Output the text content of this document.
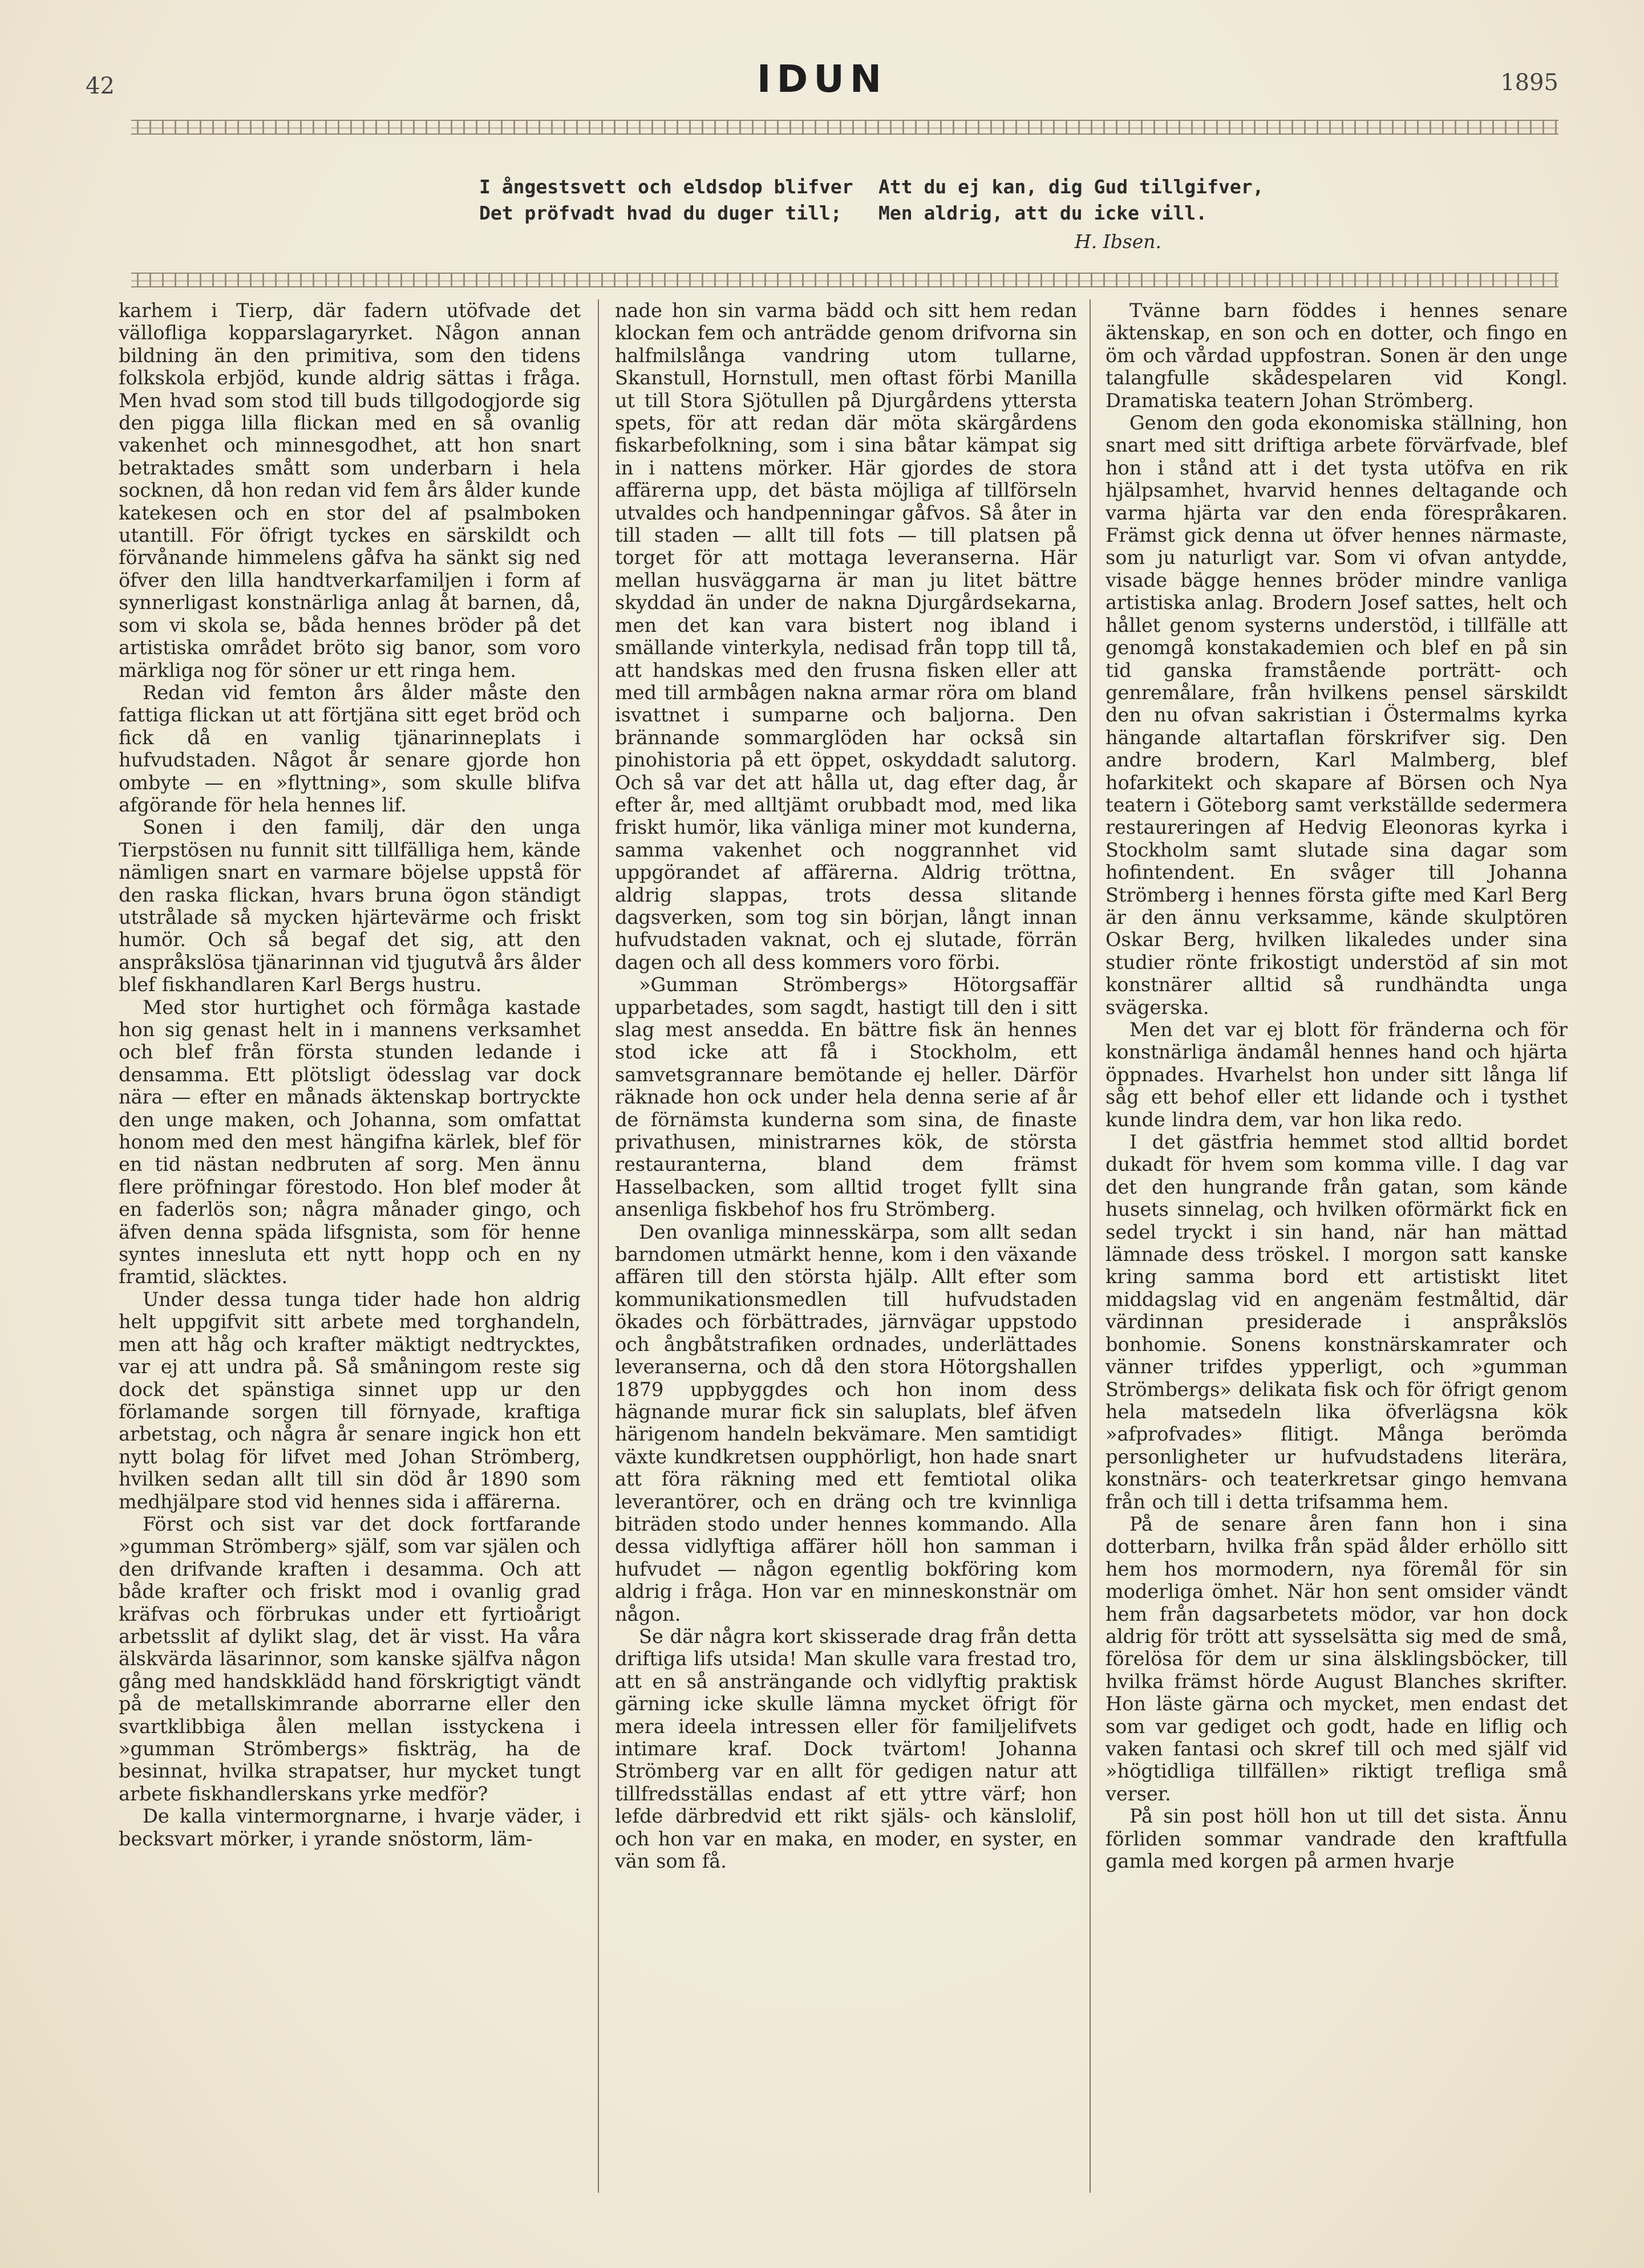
42	IDUN	1895
I ångestsvett och eldsdop blifver
Det pröfvadt hvad du duger till;
Att du ej kan, dig Gud tillgifver,
Men aldrig, att du icke vill.
H. Ibsen.

karhem i Tierp, där fadern utöfvade det vällofliga kopparslagaryrket. Någon annan bildning än den primitiva, som den tidens folkskola erbjöd, kunde aldrig sättas i fråga. Men hvad som stod till buds tillgodogjorde sig den pigga lilla flickan med en så ovanlig vakenhet och minnesgodhet, att hon snart betraktades smått som underbarn i hela socknen, då hon redan vid fem års ålder kunde katekesen och en stor del af psalmboken utantill. För öfrigt tyckes en särskildt och förvånande himmelens gåfva ha sänkt sig ned öfver den lilla handtverkarfamiljen i form af synnerligast konstnärliga anlag åt barnen, då, som vi skola se, båda hennes bröder på det artistiska området bröto sig banor, som voro märkliga nog för söner ur ett ringa hem.

Redan vid femton års ålder måste den fattiga flickan ut att förtjäna sitt eget bröd och fick då en vanlig tjänarinneplats i hufvudstaden. Något år senare gjorde hon ombyte — en »flyttning», som skulle blifva afgörande för hela hennes lif.

Sonen i den familj, där den unga Tierpstösen nu funnit sitt tillfälliga hem, kände nämligen snart en varmare böjelse uppstå för den raska flickan, hvars bruna ögon ständigt utstrålade så mycken hjärtevärme och friskt humör. Och så begaf det sig, att den anspråkslösa tjänarinnan vid tjugutvå års ålder blef fiskhandlaren Karl Bergs hustru.

Med stor hurtighet och förmåga kastade hon sig genast helt in i mannens verksamhet och blef från första stunden ledande i densamma. Ett plötsligt ödesslag var dock nära — efter en månads äktenskap bortryckte den unge maken, och Johanna, som omfattat honom med den mest hängifna kärlek, blef för en tid nästan nedbruten af sorg. Men ännu flere pröfningar förestodo. Hon blef moder åt en faderlös son; några månader gingo, och äfven denna späda lifsgnista, som för henne syntes innesluta ett nytt hopp och en ny framtid, släcktes.

Under dessa tunga tider hade hon aldrig helt uppgifvit sitt arbete med torghandeln, men att håg och krafter mäktigt nedtrycktes, var ej att undra på. Så småningom reste sig dock det spänstiga sinnet upp ur den förlamande sorgen till förnyade, kraftiga arbetstag, och några år senare ingick hon ett nytt bolag för lifvet med Johan Strömberg, hvilken sedan allt till sin död år 1890 som medhjälpare stod vid hennes sida i affärerna.

Först och sist var det dock fortfarande »gumman Strömberg» själf, som var själen och den drifvande kraften i desamma. Och att både krafter och friskt mod i ovanlig grad kräfvas och förbrukas under ett fyrtioårigt arbetsslit af dylikt slag, det är visst. Ha våra älskvärda läsarinnor, som kanske själfva någon gång med handskklädd hand förskrigtigt vändt på de metallskimrande aborrarne eller den svartklibbiga ålen mellan isstyckena i »gumman Strömbergs» fiskträg, ha de besinnat, hvilka strapatser, hur mycket tungt arbete fiskhandlerskans yrke medför?

De kalla vintermorgnarne, i hvarje väder, i becksvart mörker, i yrande snöstorm, läm-

nade hon sin varma bädd och sitt hem redan klockan fem och anträdde genom drifvorna sin halfmilslånga vandring utom tullarne, Skanstull, Hornstull, men oftast förbi Manilla ut till Stora Sjötullen på Djurgårdens yttersta spets, för att redan där möta skärgårdens fiskarbefolkning, som i sina båtar kämpat sig in i nattens mörker. Här gjordes de stora affärerna upp, det bästa möjliga af tillförseln utvaldes och handpenningar gåfvos. Så åter in till staden — allt till fots — till platsen på torget för att mottaga leveranserna. Här mellan husväggarna är man ju litet bättre skyddad än under de nakna Djurgårdsekarna, men det kan vara bistert nog ibland i smällande vinterkyla, nedisad från topp till tå, att handskas med den frusna fisken eller att med till armbågen nakna armar röra om bland isvattnet i sumparne och baljorna. Den brännande sommarglöden har också sin pinohistoria på ett öppet, oskyddadt salutorg. Och så var det att hålla ut, dag efter dag, år efter år, med alltjämt orubbadt mod, med lika friskt humör, lika vänliga miner mot kunderna, samma vakenhet och noggrannhet vid uppgörandet af affärerna. Aldrig tröttna, aldrig slappas, trots dessa slitande dagsverken, som tog sin början, långt innan hufvudstaden vaknat, och ej slutade, förrän dagen och all dess kommers voro förbi.

»Gumman Strömbergs» Hötorgsaffär upparbetades, som sagdt, hastigt till den i sitt slag mest ansedda. En bättre fisk än hennes stod icke att få i Stockholm, ett samvetsgrannare bemötande ej heller. Därför räknade hon ock under hela denna serie af år de förnämsta kunderna som sina, de finaste privathusen, ministrarnes kök, de största restauranterna, bland dem främst Hasselbacken, som alltid troget fyllt sina ansenliga fiskbehof hos fru Strömberg.

Den ovanliga minnesskärpa, som allt sedan barndomen utmärkt henne, kom i den växande affären till den största hjälp. Allt efter som kommunikationsmedlen till hufvudstaden ökades och förbättrades, järnvägar uppstodo och ångbåtstrafiken ordnades, underlättades leveranserna, och då den stora Hötorgshallen 1879 uppbyggdes och hon inom dess hägnande murar fick sin saluplats, blef äfven härigenom handeln bekvämare. Men samtidigt växte kundkretsen oupphörligt, hon hade snart att föra räkning med ett femtiotal olika leverantörer, och en dräng och tre kvinnliga biträden stodo under hennes kommando. Alla dessa vidlyftiga affärer höll hon samman i hufvudet — någon egentlig bokföring kom aldrig i fråga. Hon var en minneskonstnär om någon.

Se där några kort skisserade drag från detta driftiga lifs utsida! Man skulle vara frestad tro, att en så ansträngande och vidlyftig praktisk gärning icke skulle lämna mycket öfrigt för mera ideela intressen eller för familjelifvets intimare kraf. Dock tvärtom! Johanna Strömberg var en allt för gedigen natur att tillfredsställas endast af ett yttre värf; hon lefde därbredvid ett rikt själs- och känslolif, och hon var en maka, en moder, en syster, en vän som få.

Tvänne barn föddes i hennes senare äktenskap, en son och en dotter, och fingo en öm och vårdad uppfostran. Sonen är den unge talangfulle skådespelaren vid Kongl. Dramatiska teatern Johan Strömberg.

Genom den goda ekonomiska ställning, hon snart med sitt driftiga arbete förvärfvade, blef hon i stånd att i det tysta utöfva en rik hjälpsamhet, hvarvid hennes deltagande och varma hjärta var den enda förespråkaren. Främst gick denna ut öfver hennes närmaste, som ju naturligt var. Som vi ofvan antydde, visade bägge hennes bröder mindre vanliga artistiska anlag. Brodern Josef sattes, helt och hållet genom systerns understöd, i tillfälle att genomgå konstakademien och blef en på sin tid ganska framstående porträtt- och genremålare, från hvilkens pensel särskildt den nu ofvan sakristian i Östermalms kyrka hängande altartaflan förskrifver sig. Den andre brodern, Karl Malmberg, blef hofarkitekt och skapare af Börsen och Nya teatern i Göteborg samt verkställde sedermera restaureringen af Hedvig Eleonoras kyrka i Stockholm samt slutade sina dagar som hofintendent. En svåger till Johanna Strömberg i hennes första gifte med Karl Berg är den ännu verksamme, kände skulptören Oskar Berg, hvilken likaledes under sina studier rönte frikostigt understöd af sin mot konstnärer alltid så rundhändta unga svägerska.

Men det var ej blott för fränderna och för konstnärliga ändamål hennes hand och hjärta öppnades. Hvarhelst hon under sitt långa lif såg ett behof eller ett lidande och i tysthet kunde lindra dem, var hon lika redo.

I det gästfria hemmet stod alltid bordet dukadt för hvem som komma ville. I dag var det den hungrande från gatan, som kände husets sinnelag, och hvilken oförmärkt fick en sedel tryckt i sin hand, när han mättad lämnade dess tröskel. I morgon satt kanske kring samma bord ett artistiskt litet middagslag vid en angenäm festmåltid, där värdinnan presiderade i anspråkslös bonhomie. Sonens konstnärskamrater och vänner trifdes ypperligt, och »gumman Strömbergs» delikata fisk och för öfrigt genom hela matsedeln lika öfverlägsna kök »afprofvades» flitigt. Många berömda personligheter ur hufvudstadens literära, konstnärs- och teaterkretsar gingo hemvana från och till i detta trifsamma hem.

På de senare åren fann hon i sina dotterbarn, hvilka från späd ålder erhöllo sitt hem hos mormodern, nya föremål för sin moderliga ömhet. När hon sent omsider vändt hem från dagsarbetets mödor, var hon dock aldrig för trött att sysselsätta sig med de små, förelösa för dem ur sina älsklingsböcker, till hvilka främst hörde August Blanches skrifter. Hon läste gärna och mycket, men endast det som var gediget och godt, hade en liflig och vaken fantasi och skref till och med själf vid »högtidliga tillfällen» riktigt trefliga små verser.

På sin post höll hon ut till det sista. Ännu förliden sommar vandrade den kraftfulla gamla med korgen på armen hvarje
